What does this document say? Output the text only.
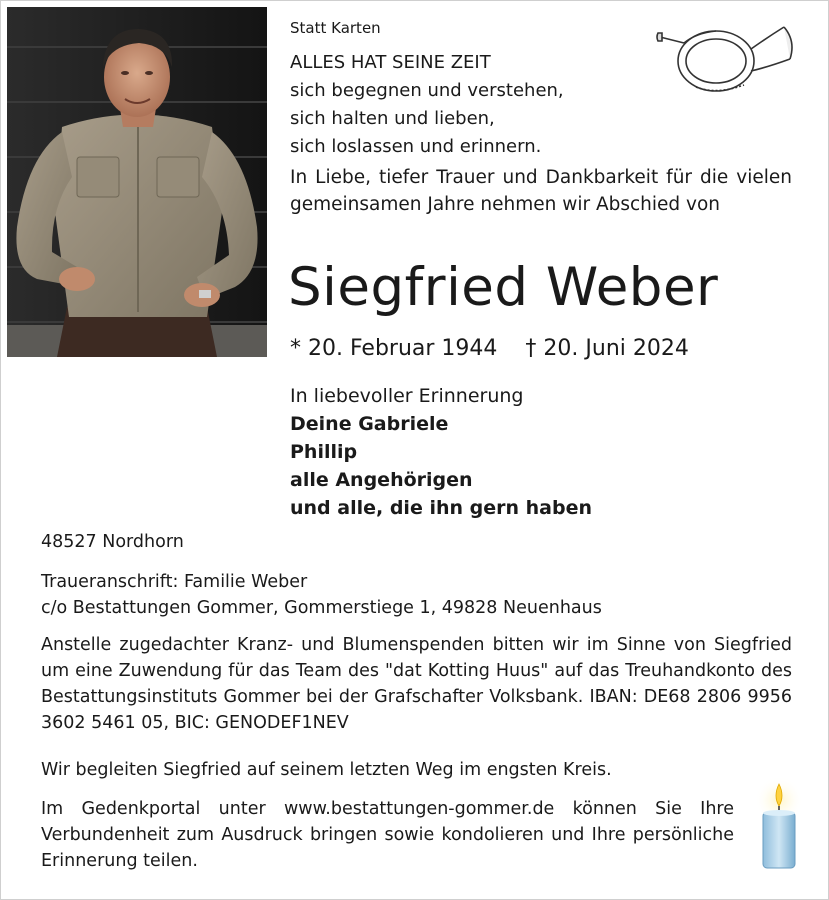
Statt Karten
ALLES HAT SEINE ZEIT
sich begegnen und verstehen,
sich halten und lieben,
sich loslassen und erinnern.
In Liebe, tiefer Trauer und Dankbarkeit für die vielen gemeinsamen Jahre nehmen wir Abschied von
Siegfried Weber
* 20. Februar 1944 † 20. Juni 2024
In liebevoller Erinnerung
Deine Gabriele
Phillip
alle Angehörigen
und alle, die ihn gern haben
48527 Nordhorn
Traueranschrift: Familie Weber
c/o Bestattungen Gommer, Gommerstiege 1, 49828 Neuenhaus
Anstelle zugedachter Kranz- und Blumenspenden bitten wir im Sinne von Siegfried um eine Zuwendung für das Team des "dat Kotting Huus" auf das Treuhandkonto des Bestattungsinstituts Gommer bei der Grafschafter Volksbank. IBAN: DE68 2806 9956 3602 5461 05, BIC: GENODEF1NEV
Wir begleiten Siegfried auf seinem letzten Weg im engsten Kreis.
Im Gedenkportal unter www.bestattungen-gommer.de können Sie Ihre Verbundenheit zum Ausdruck bringen sowie kondolieren und Ihre persönliche Erinnerung teilen.
